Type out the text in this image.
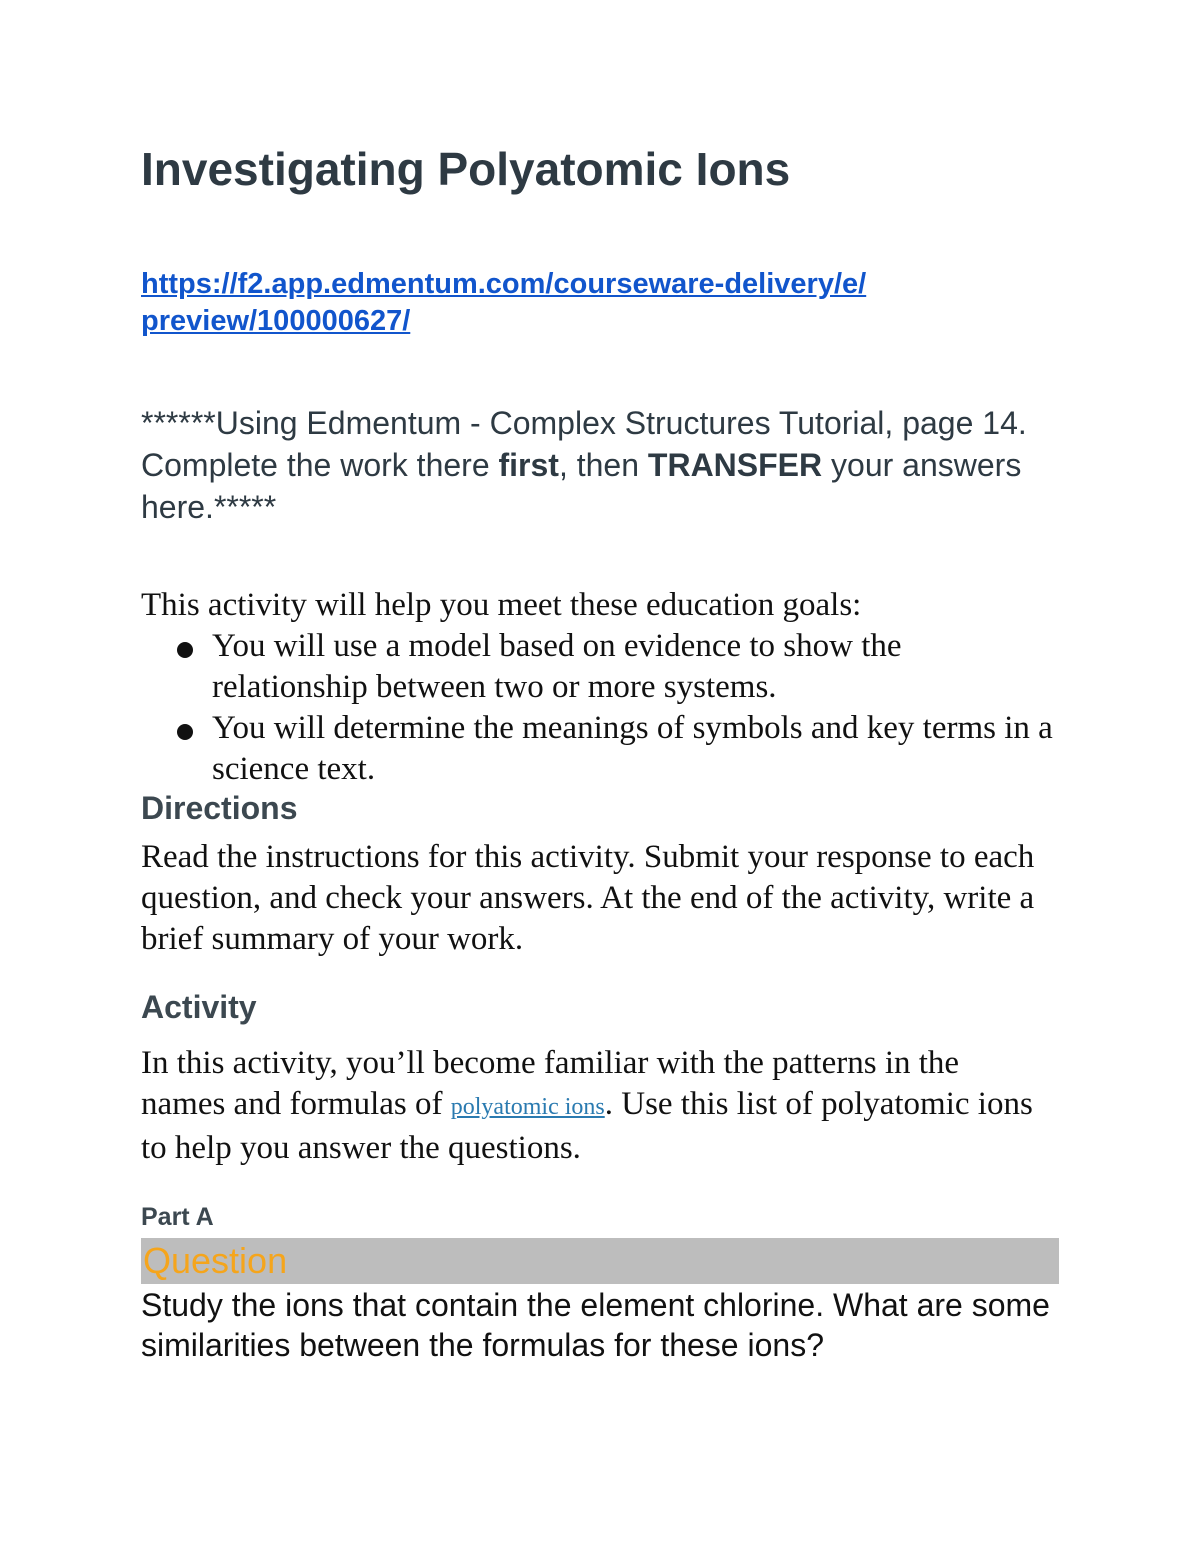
Investigating Polyatomic Ions
https://f2.app.edmentum.com/courseware-delivery/e/preview/100000627/

******Using Edmentum - Complex Structures Tutorial, page 14. Complete the work there first, then TRANSFER your answers here.*****

This activity will help you meet these education goals:

You will use a model based on evidence to show the relationship between two or more systems.
You will determine the meanings of symbols and key terms in a science text.
Directions

Read the instructions for this activity. Submit your response to each question, and check your answers. At the end of the activity, write a brief summary of your work.

Activity

In this activity, you’ll become familiar with the patterns in the names and formulas of polyatomic ions. Use this list of polyatomic ions to help you answer the questions.

Part A

Question

Study the ions that contain the element chlorine. What are some similarities between the formulas for these ions?
